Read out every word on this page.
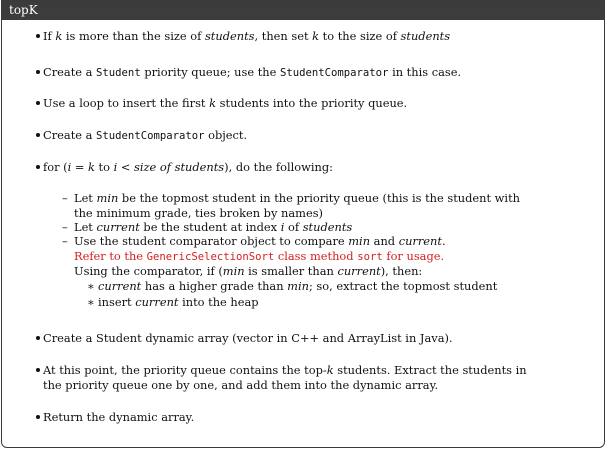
topK
If k is more than the size of students, then set k to the size of students
Create a Student priority queue; use the StudentComparator in this case.
Use a loop to insert the first k students into the priority queue.
Create a StudentComparator object.
for (i = k to i < size of students), do the following:
– Let min be the topmost student in the priority queue (this is the student with
the minimum grade, ties broken by names)
– Let current be the student at index i of students
– Use the student comparator object to compare min and current.
Refer to the GenericSelectionSort class method sort for usage.
Using the comparator, if (min is smaller than current), then:
∗ current has a higher grade than min; so, extract the topmost student
∗ insert current into the heap
Create a Student dynamic array (vector in C++ and ArrayList in Java).
At this point, the priority queue contains the top-k students. Extract the students in
the priority queue one by one, and add them into the dynamic array.
Return the dynamic array.
